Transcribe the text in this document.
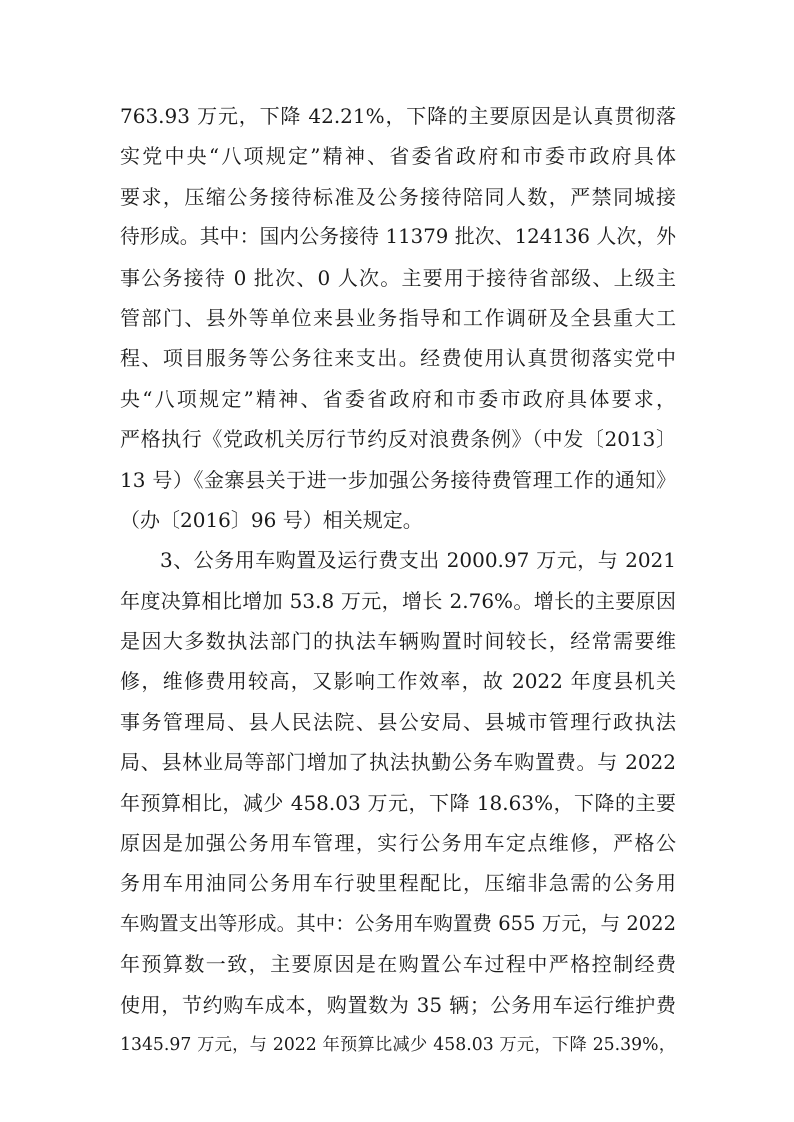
763.93 万元，下降 42.21%，下降的主要原因是认真贯彻落
实党中央“八项规定”精神、省委省政府和市委市政府具体
要求，压缩公务接待标准及公务接待陪同人数，严禁同城接
待形成。其中：国内公务接待 11379 批次、124136 人次，外
事公务接待 0 批次、0 人次。主要用于接待省部级、上级主
管部门、县外等单位来县业务指导和工作调研及全县重大工
程、项目服务等公务往来支出。经费使用认真贯彻落实党中
央“八项规定”精神、省委省政府和市委市政府具体要求，
严格执行《党政机关厉行节约反对浪费条例》（中发〔2013〕
13 号）《金寨县关于进一步加强公务接待费管理工作的通知》
（办〔2016〕96 号）相关规定。
3、公务用车购置及运行费支出 2000.97 万元，与 2021
年度决算相比增加 53.8 万元，增长 2.76%。增长的主要原因
是因大多数执法部门的执法车辆购置时间较长，经常需要维
修，维修费用较高，又影响工作效率，故 2022 年度县机关
事务管理局、县人民法院、县公安局、县城市管理行政执法
局、县林业局等部门增加了执法执勤公务车购置费。与 2022
年预算相比，减少 458.03 万元，下降 18.63%，下降的主要
原因是加强公务用车管理，实行公务用车定点维修，严格公
务用车用油同公务用车行驶里程配比，压缩非急需的公务用
车购置支出等形成。其中：公务用车购置费 655 万元，与 2022
年预算数一致，主要原因是在购置公车过程中严格控制经费
使用，节约购车成本，购置数为 35 辆；公务用车运行维护费
1345.97 万元，与 2022 年预算比减少 458.03 万元，下降 25.39%，
